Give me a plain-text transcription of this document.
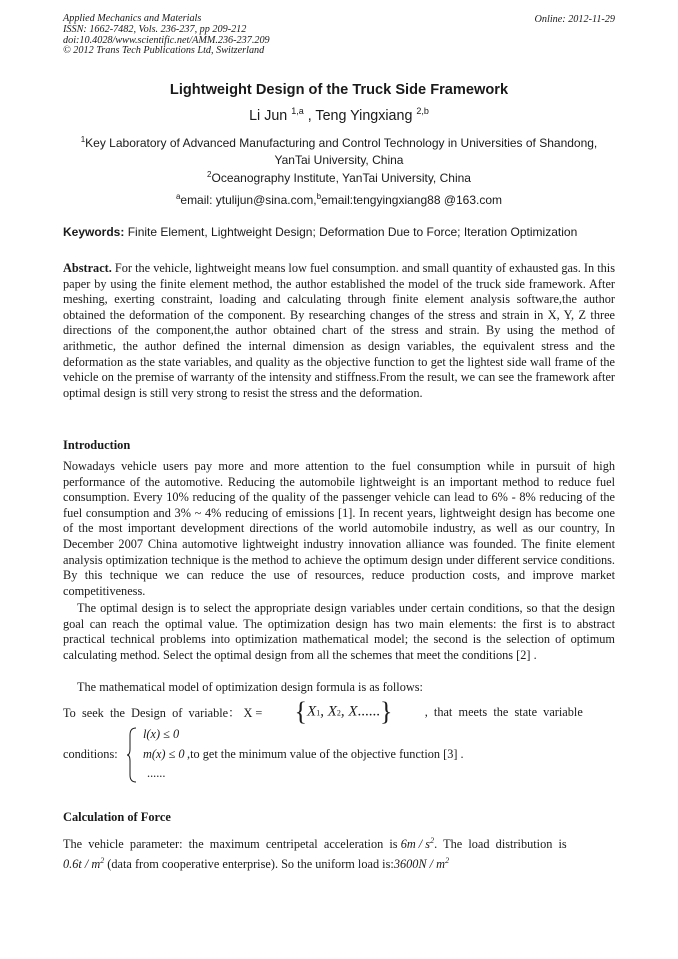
Applied Mechanics and Materials
ISSN: 1662-7482, Vols. 236-237, pp 209-212
doi:10.4028/www.scientific.net/AMM.236-237.209
© 2012 Trans Tech Publications Ltd, Switzerland
Online: 2012-11-29
Lightweight Design of the Truck Side Framework
Li Jun $^{1,a}$ , Teng Yingxiang $^{2,b}$
$^1$Key Laboratory of Advanced Manufacturing and Control Technology in Universities of Shandong, YanTai University, China
$^2$Oceanography Institute, YanTai University, China
$^a$email: ytulijun@sina.com,$^b$email:tengyingxiang88 @163.com
Keywords: Finite Element, Lightweight Design; Deformation Due to Force; Iteration Optimization
Abstract. For the vehicle, lightweight means low fuel consumption. and small quantity of exhausted gas. In this paper by using the finite element method, the author established the model of the truck side framework. After meshing, exerting constraint, loading and calculating through finite element analysis software,the author obtained the deformation of the component. By researching changes of the stress and strain in X, Y, Z three directions of the component,the author obtained chart of the stress and strain. By using the method of arithmetic, the author defined the internal dimension as design variables, the equivalent stress and the deformation as the state variables, and quality as the objective function to get the lightest side wall frame of the vehicle on the premise of warranty of the intensity and stiffness.From the result, we can see the framework after optimal design is still very strong to resist the stress and the deformation.
Introduction
Nowadays vehicle users pay more and more attention to the fuel consumption while in pursuit of high performance of the automotive. Reducing the automobile lightweight is an important method to reduce fuel consumption. Every 10% reducing of the quality of the passenger vehicle can lead to 6% - 8% reducing of the fuel consumption and 3% ~ 4% reducing of emissions [1]. In recent years, lightweight design has become one of the most important development directions of the world automobile industry, as well as our country, In December 2007 China automotive lightweight industry innovation alliance was founded. The finite element analysis optimization technique is the method to achieve the optimum design under different service conditions. By this technique we can reduce the use of resources, reduce production costs, and improve market competitiveness.
The optimal design is to select the appropriate design variables under certain conditions, so that the design goal can reach the optimal value. The optimization design has two main elements: the first is to abstract practical technical problems into optimization mathematical model; the second is the selection of optimum calculating method. Select the optimal design from all the schemes that meet the conditions [2] .
The mathematical model of optimization design formula is as follows:
To  seek  the  Design  of  variable： X = {X1, X2, X......}	,  that  meets  the  state  variable
conditions:
l(x) ≤ 0
m(x) ≤ 0
......
,to get the minimum value of the objective function [3] .
Calculation of Force
The  vehicle  parameter:  the  maximum  centripetal  acceleration  is $6m / s^2$.  The  load  distribution  is
$0.6t / m^2$ (data from cooperative enterprise). So the uniform load is:3600N / $m^2$
